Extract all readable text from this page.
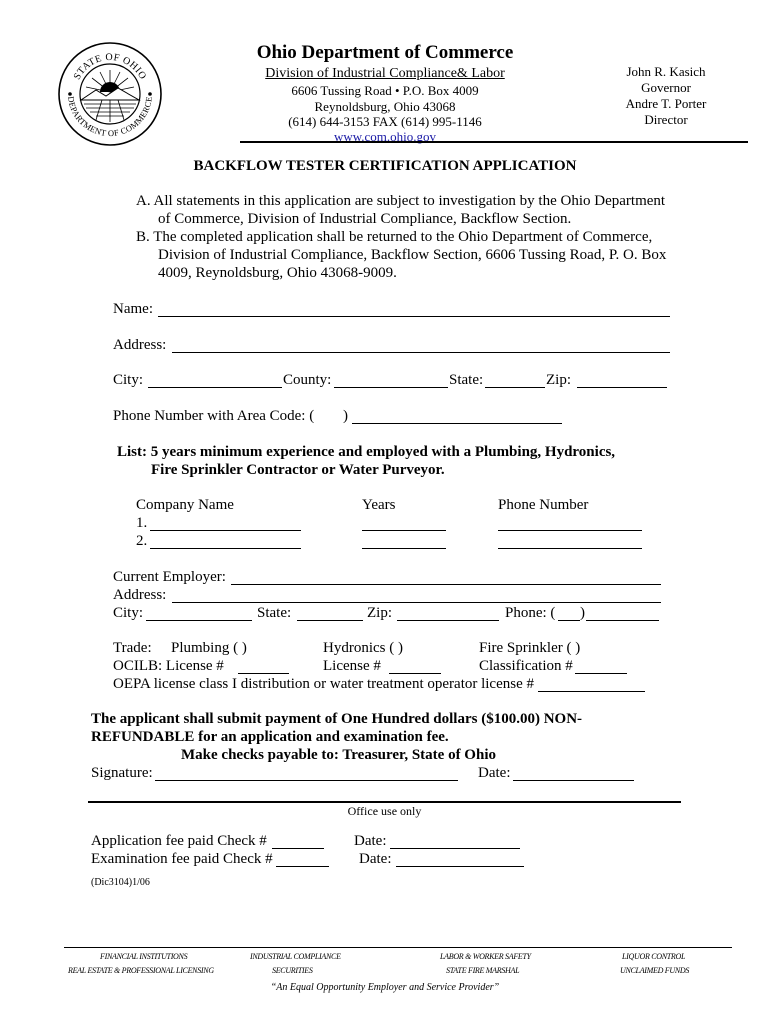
STATE OF OHIO
DEPARTMENT OF COMMERCE
Ohio Department of Commerce
Division of Industrial Compliance& Labor
6606 Tussing Road • P.O. Box 4009
Reynoldsburg, Ohio 43068
(614) 644-3153 FAX (614) 995-1146
www.com.ohio.gov
John R. Kasich
Governor
Andre T. Porter
Director
BACKFLOW TESTER CERTIFICATION APPLICATION
A. All statements in this application are subject to investigation by the Ohio Department
of Commerce, Division of Industrial Compliance, Backflow Section.
B. The completed application shall be returned to the Ohio Department of Commerce,
Division of Industrial Compliance, Backflow Section, 6606 Tussing Road, P. O. Box
4009, Reynoldsburg, Ohio 43068-9009.
Name:
Address:
City:	County:	State:	Zip:
Phone Number with Area Code: ( )
List: 5 years minimum experience and employed with a Plumbing, Hydronics,
Fire Sprinkler Contractor or Water Purveyor.
Company Name	Years	Phone Number
1.
2.
Current Employer:
Address:
City:	State:	Zip:	Phone: ( )
Trade: Plumbing ( )	Hydronics ( )	Fire Sprinkler ( )
OCILB: License #	License #	Classification #
OEPA license class I distribution or water treatment operator license #
The applicant shall submit payment of One Hundred dollars ($100.00) NON-
REFUNDABLE for an application and examination fee.
Make checks payable to: Treasurer, State of Ohio
Signature:	Date:
Office use only
Application fee paid Check #	Date:
Examination fee paid Check #	Date:
(Dic3104)1/06
FINANCIAL INSTITUTIONS
REAL ESTATE & PROFESSIONAL LICENSING
INDUSTRIAL COMPLIANCE
SECURITIES
LABOR & WORKER SAFETY
STATE FIRE MARSHAL
LIQUOR CONTROL
UNCLAIMED FUNDS
“An Equal Opportunity Employer and Service Provider”
